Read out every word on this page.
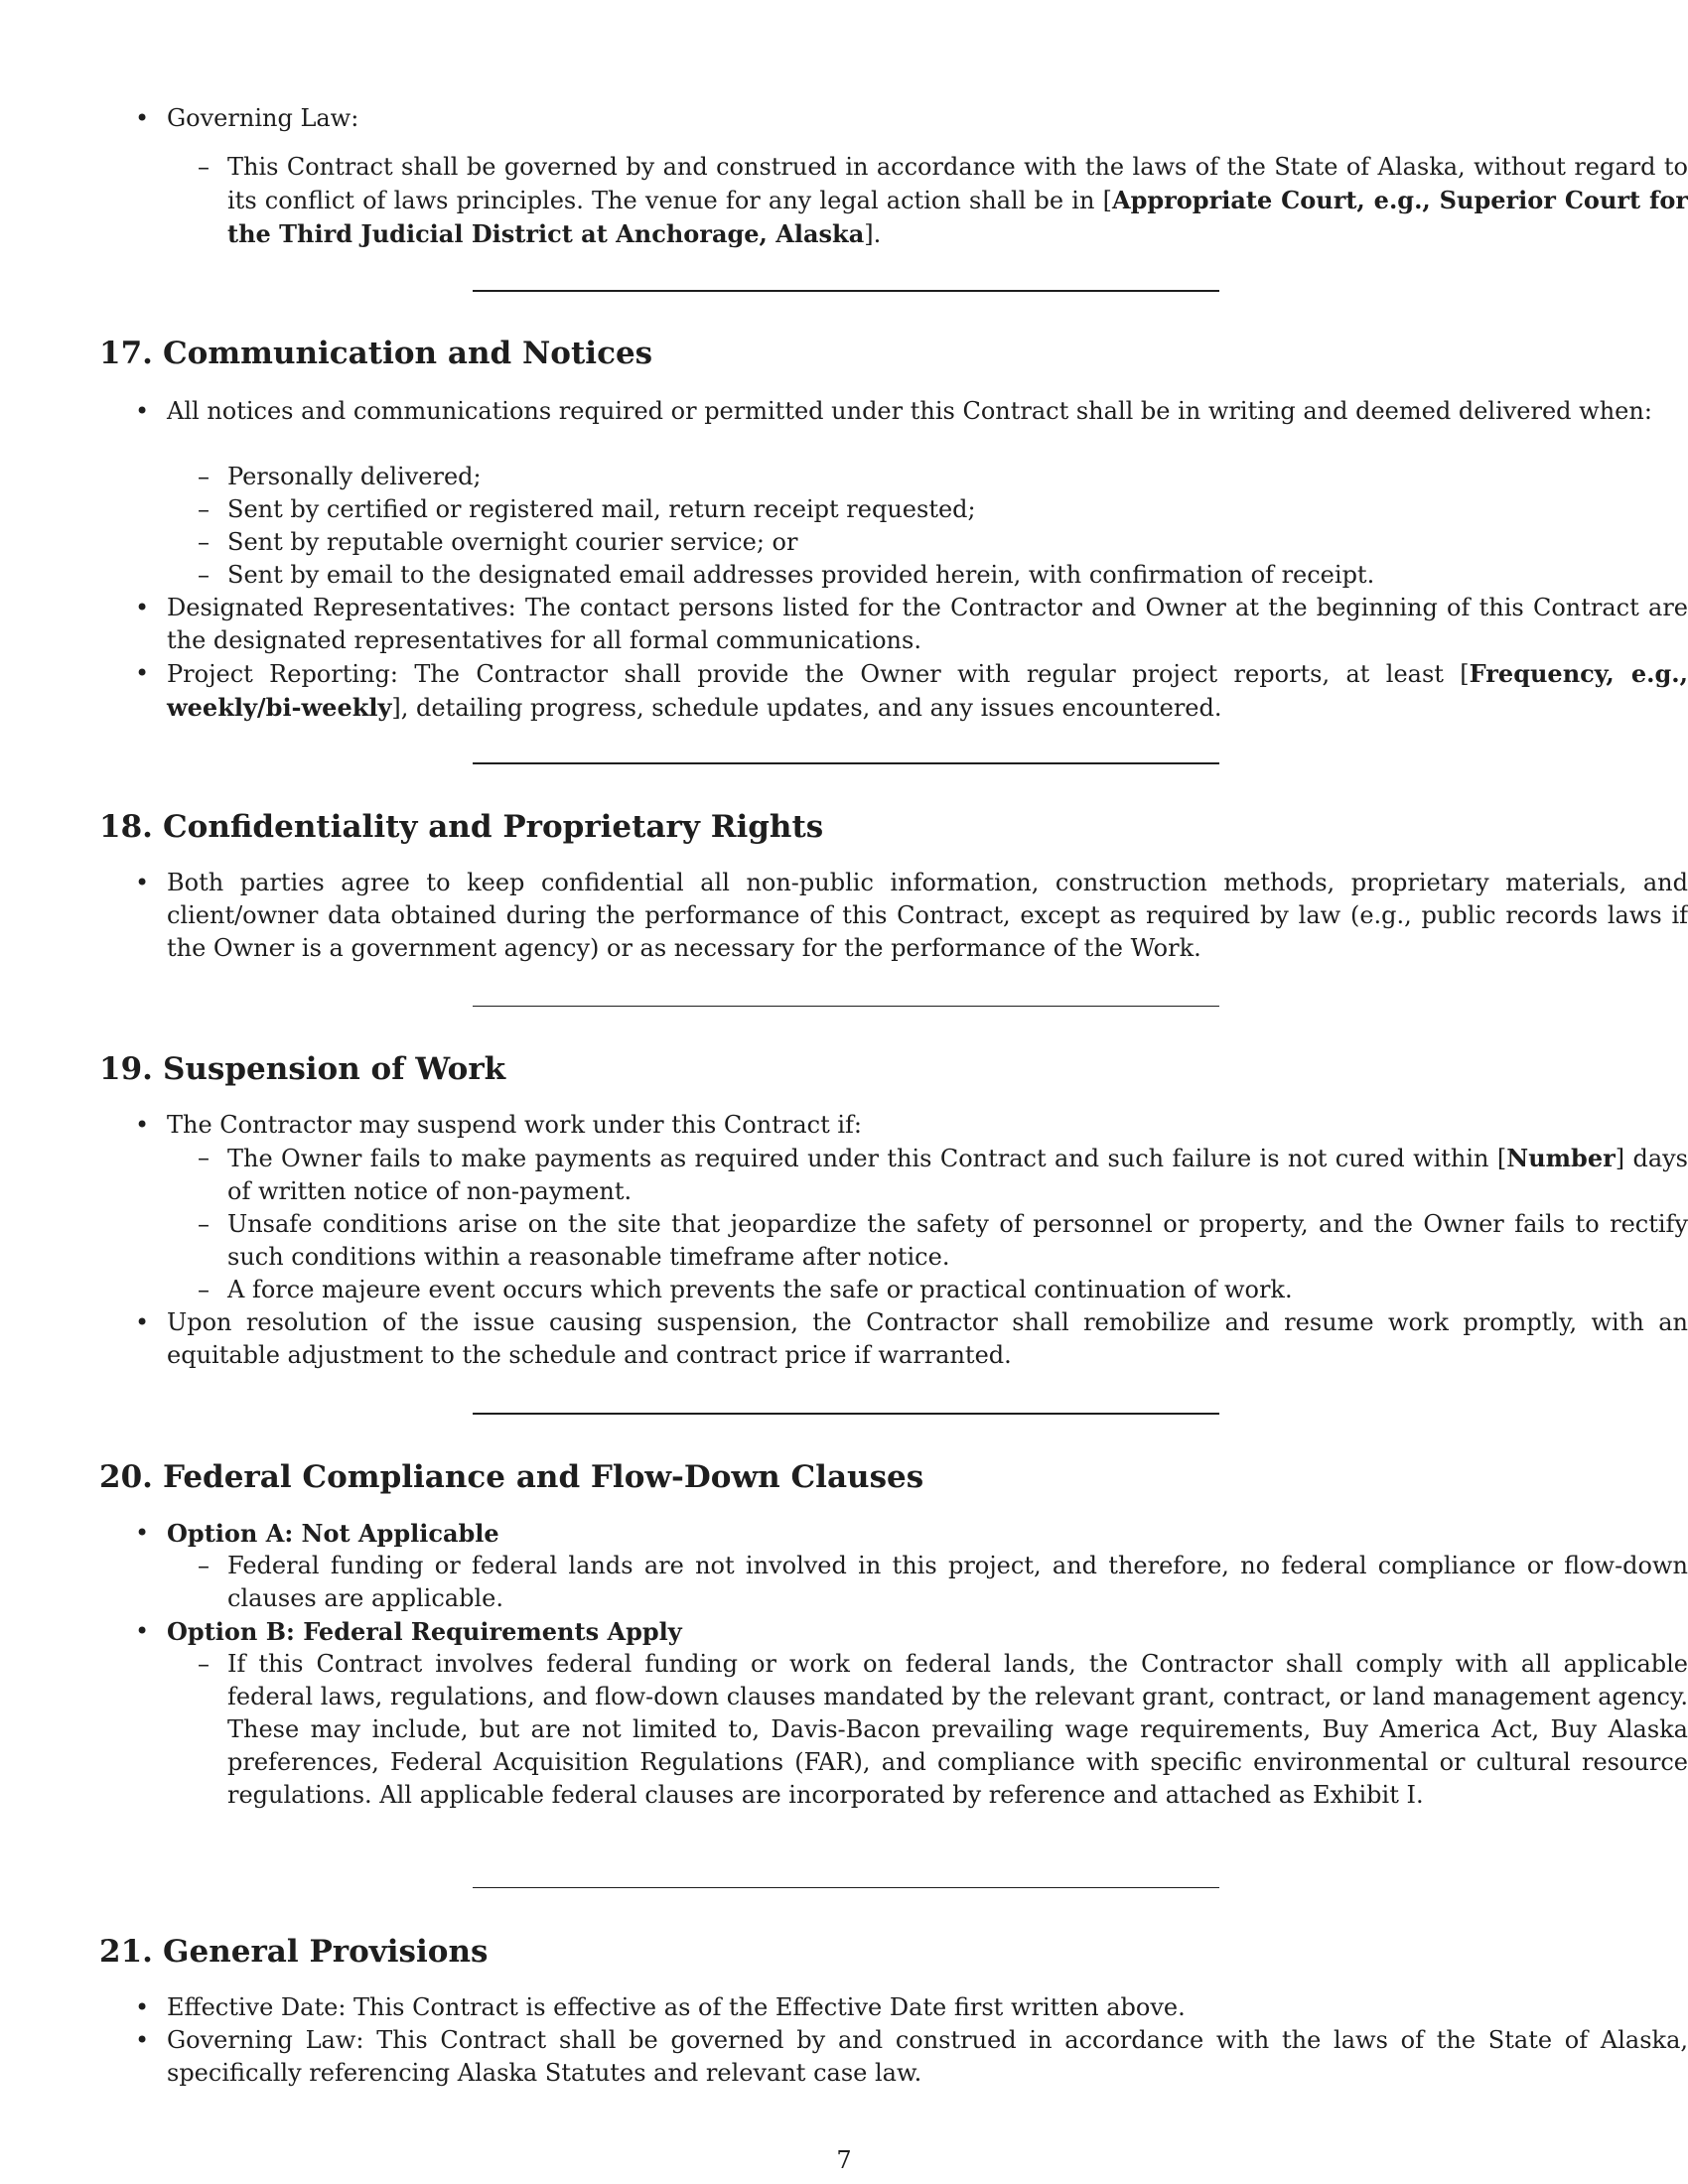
• Governing Law:
– This Contract shall be governed by and construed in accordance with the laws of the State of Alaska, without regard to its conflict of laws principles. The venue for any legal action shall be in [Appropriate Court, e.g., Superior Court for the Third Judicial District at Anchorage, Alaska].
17. Communication and Notices
• All notices and communications required or permitted under this Contract shall be in writing and deemed delivered when:
– Personally delivered;
– Sent by certified or registered mail, return receipt requested;
– Sent by reputable overnight courier service; or
– Sent by email to the designated email addresses provided herein, with confirmation of receipt.
• Designated Representatives: The contact persons listed for the Contractor and Owner at the beginning of this Contract are the designated representatives for all formal communications.
• Project Reporting: The Contractor shall provide the Owner with regular project reports, at least [Frequency, e.g., weekly/bi-weekly], detailing progress, schedule updates, and any issues encountered.
18. Confidentiality and Proprietary Rights
• Both parties agree to keep confidential all non-public information, construction methods, proprietary materials, and client/owner data obtained during the performance of this Contract, except as required by law (e.g., public records laws if the Owner is a government agency) or as necessary for the performance of the Work.
19. Suspension of Work
• The Contractor may suspend work under this Contract if:
– The Owner fails to make payments as required under this Contract and such failure is not cured within [Number] days of written notice of non-payment.
– Unsafe conditions arise on the site that jeopardize the safety of personnel or property, and the Owner fails to rectify such conditions within a reasonable timeframe after notice.
– A force majeure event occurs which prevents the safe or practical continuation of work.
• Upon resolution of the issue causing suspension, the Contractor shall remobilize and resume work promptly, with an equitable adjustment to the schedule and contract price if warranted.
20. Federal Compliance and Flow-Down Clauses
• Option A: Not Applicable
– Federal funding or federal lands are not involved in this project, and therefore, no federal compliance or flow-down clauses are applicable.
• Option B: Federal Requirements Apply
– If this Contract involves federal funding or work on federal lands, the Contractor shall comply with all applicable federal laws, regulations, and flow-down clauses mandated by the relevant grant, contract, or land management agency. These may include, but are not limited to, Davis-Bacon prevailing wage requirements, Buy America Act, Buy Alaska preferences, Federal Acquisition Regulations (FAR), and compliance with specific environmental or cultural resource regulations. All applicable federal clauses are incorporated by reference and attached as Exhibit I.
21. General Provisions
• Effective Date: This Contract is effective as of the Effective Date first written above.
• Governing Law: This Contract shall be governed by and construed in accordance with the laws of the State of Alaska, specifically referencing Alaska Statutes and relevant case law.
7
